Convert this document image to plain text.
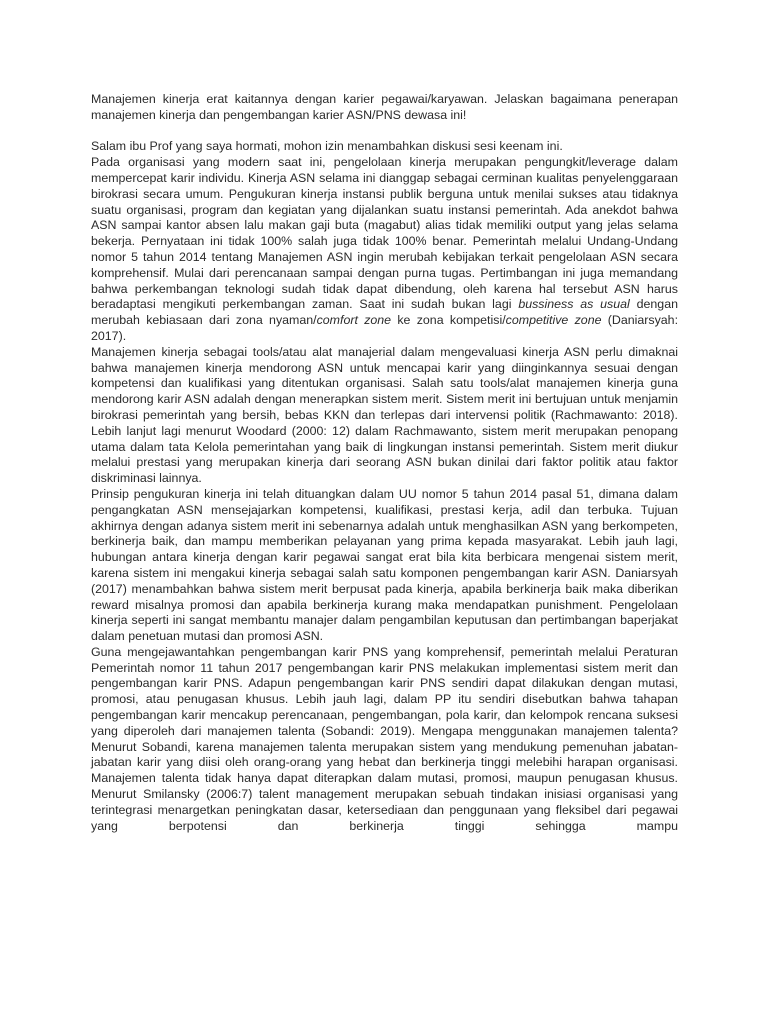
Manajemen kinerja erat kaitannya dengan karier pegawai/karyawan. Jelaskan bagaimana penerapan manajemen kinerja dan pengembangan karier ASN/PNS dewasa ini!

Salam ibu Prof yang saya hormati, mohon izin menambahkan diskusi sesi keenam ini.

Pada organisasi yang modern saat ini, pengelolaan kinerja merupakan pengungkit/leverage dalam mempercepat karir individu. Kinerja ASN selama ini dianggap sebagai cerminan kualitas penyelenggaraan birokrasi secara umum. Pengukuran kinerja instansi publik berguna untuk menilai sukses atau tidaknya suatu organisasi, program dan kegiatan yang dijalankan suatu instansi pemerintah. Ada anekdot bahwa ASN sampai kantor absen lalu makan gaji buta (magabut) alias tidak memiliki output yang jelas selama bekerja. Pernyataan ini tidak 100% salah juga tidak 100% benar. Pemerintah melalui Undang-Undang nomor 5 tahun 2014 tentang Manajemen ASN ingin merubah kebijakan terkait pengelolaan ASN secara komprehensif. Mulai dari perencanaan sampai dengan purna tugas. Pertimbangan ini juga memandang bahwa perkembangan teknologi sudah tidak dapat dibendung, oleh karena hal tersebut ASN harus beradaptasi mengikuti perkembangan zaman. Saat ini sudah bukan lagi bussiness as usual dengan merubah kebiasaan dari zona nyaman/comfort zone ke zona kompetisi/competitive zone (Daniarsyah: 2017).

Manajemen kinerja sebagai tools/atau alat manajerial dalam mengevaluasi kinerja ASN perlu dimaknai bahwa manajemen kinerja mendorong ASN untuk mencapai karir yang diinginkannya sesuai dengan kompetensi dan kualifikasi yang ditentukan organisasi. Salah satu tools/alat manajemen kinerja guna mendorong karir ASN adalah dengan menerapkan sistem merit. Sistem merit ini bertujuan untuk menjamin birokrasi pemerintah yang bersih, bebas KKN dan terlepas dari intervensi politik (Rachmawanto: 2018). Lebih lanjut lagi menurut Woodard (2000: 12) dalam Rachmawanto, sistem merit merupakan penopang utama dalam tata Kelola pemerintahan yang baik di lingkungan instansi pemerintah. Sistem merit diukur melalui prestasi yang merupakan kinerja dari seorang ASN bukan dinilai dari faktor politik atau faktor diskriminasi lainnya.

Prinsip pengukuran kinerja ini telah dituangkan dalam UU nomor 5 tahun 2014 pasal 51, dimana dalam pengangkatan ASN mensejajarkan kompetensi, kualifikasi, prestasi kerja, adil dan terbuka. Tujuan akhirnya dengan adanya sistem merit ini sebenarnya adalah untuk menghasilkan ASN yang berkompeten, berkinerja baik, dan mampu memberikan pelayanan yang prima kepada masyarakat. Lebih jauh lagi, hubungan antara kinerja dengan karir pegawai sangat erat bila kita berbicara mengenai sistem merit, karena sistem ini mengakui kinerja sebagai salah satu komponen pengembangan karir ASN. Daniarsyah (2017) menambahkan bahwa sistem merit berpusat pada kinerja, apabila berkinerja baik maka diberikan reward misalnya promosi dan apabila berkinerja kurang maka mendapatkan punishment. Pengelolaan kinerja seperti ini sangat membantu manajer dalam pengambilan keputusan dan pertimbangan baperjakat dalam penetuan mutasi dan promosi ASN.

Guna mengejawantahkan pengembangan karir PNS yang komprehensif, pemerintah melalui Peraturan Pemerintah nomor 11 tahun 2017 pengembangan karir PNS melakukan implementasi sistem merit dan pengembangan karir PNS. Adapun pengembangan karir PNS sendiri dapat dilakukan dengan mutasi, promosi, atau penugasan khusus. Lebih jauh lagi, dalam PP itu sendiri disebutkan bahwa tahapan pengembangan karir mencakup perencanaan, pengembangan, pola karir, dan kelompok rencana suksesi yang diperoleh dari manajemen talenta (Sobandi: 2019). Mengapa menggunakan manajemen talenta? Menurut Sobandi, karena manajemen talenta merupakan sistem yang mendukung pemenuhan jabatan-jabatan karir yang diisi oleh orang-orang yang hebat dan berkinerja tinggi melebihi harapan organisasi. Manajemen talenta tidak hanya dapat diterapkan dalam mutasi, promosi, maupun penugasan khusus. Menurut Smilansky (2006:7) talent management merupakan sebuah tindakan inisiasi organisasi yang terintegrasi menargetkan peningkatan dasar, ketersediaan dan penggunaan yang fleksibel dari pegawai yang berpotensi dan berkinerja tinggi sehingga mampu
